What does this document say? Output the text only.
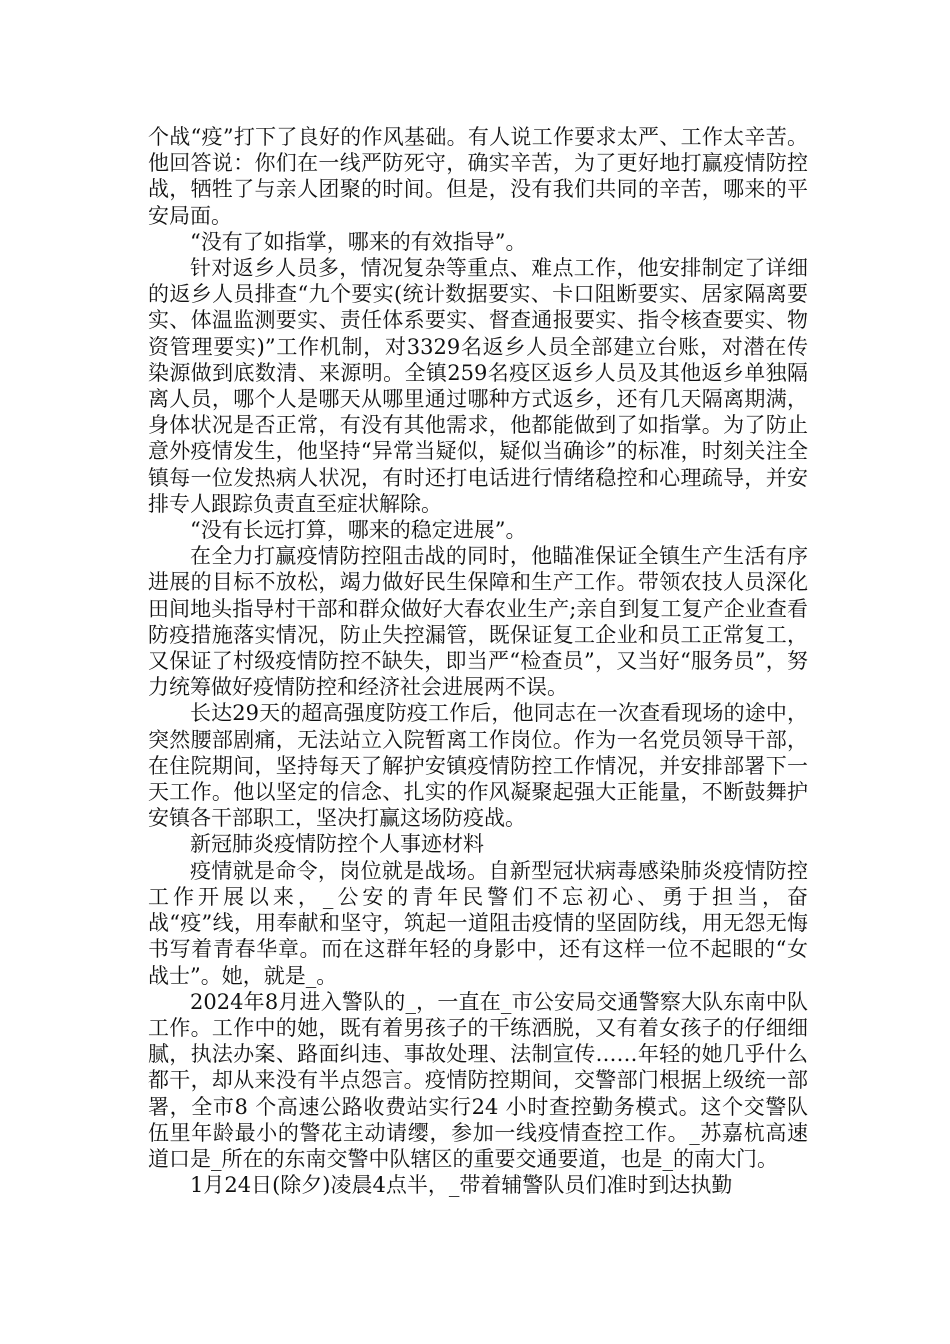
个战“疫”打下了良好的作风基础。有人说工作要求太严、工作太辛苦。他回答说：你们在一线严防死守，确实辛苦，为了更好地打赢疫情防控战，牺牲了与亲人团聚的时间。但是，没有我们共同的辛苦，哪来的平安局面。

“没有了如指掌，哪来的有效指导”。

针对返乡人员多，情况复杂等重点、难点工作，他安排制定了详细的返乡人员排查“九个要实(统计数据要实、卡口阻断要实、居家隔离要实、体温监测要实、责任体系要实、督查通报要实、指令核查要实、物资管理要实)”工作机制，对3329名返乡人员全部建立台账，对潜在传染源做到底数清、来源明。全镇259名疫区返乡人员及其他返乡单独隔离人员，哪个人是哪天从哪里通过哪种方式返乡，还有几天隔离期满，身体状况是否正常，有没有其他需求，他都能做到了如指掌。为了防止意外疫情发生，他坚持“异常当疑似，疑似当确诊”的标准，时刻关注全镇每一位发热病人状况，有时还打电话进行情绪稳控和心理疏导，并安排专人跟踪负责直至症状解除。

“没有长远打算，哪来的稳定进展”。

在全力打赢疫情防控阻击战的同时，他瞄准保证全镇生产生活有序进展的目标不放松，竭力做好民生保障和生产工作。带领农技人员深化田间地头指导村干部和群众做好大春农业生产;亲自到复工复产企业查看防疫措施落实情况，防止失控漏管，既保证复工企业和员工正常复工，又保证了村级疫情防控不缺失，即当严“检查员”，又当好“服务员”，努力统筹做好疫情防控和经济社会进展两不误。

长达29天的超高强度防疫工作后，他同志在一次查看现场的途中，突然腰部剧痛，无法站立入院暂离工作岗位。作为一名党员领导干部，在住院期间，坚持每天了解护安镇疫情防控工作情况，并安排部署下一天工作。他以坚定的信念、扎实的作风凝聚起强大正能量，不断鼓舞护安镇各干部职工，坚决打赢这场防疫战。

新冠肺炎疫情防控个人事迹材料

疫情就是命令，岗位就是战场。自新型冠状病毒感染肺炎疫情防控工作开展以来，_公安的青年民警们不忘初心、勇于担当，奋战“疫”线，用奉献和坚守，筑起一道阻击疫情的坚固防线，用无怨无悔书写着青春华章。而在这群年轻的身影中，还有这样一位不起眼的“女战士”。她，就是_。

2024年8月进入警队的_，一直在_市公安局交通警察大队东南中队工作。工作中的她，既有着男孩子的干练洒脱，又有着女孩子的仔细细腻，执法办案、路面纠违、事故处理、法制宣传……年轻的她几乎什么都干，却从来没有半点怨言。疫情防控期间，交警部门根据上级统一部署，全市8 个高速公路收费站实行24 小时查控勤务模式。这个交警队伍里年龄最小的警花主动请缨，参加一线疫情查控工作。_苏嘉杭高速道口是_所在的东南交警中队辖区的重要交通要道，也是_的南大门。

1月24日(除夕)凌晨4点半，_带着辅警队员们准时到达执勤
